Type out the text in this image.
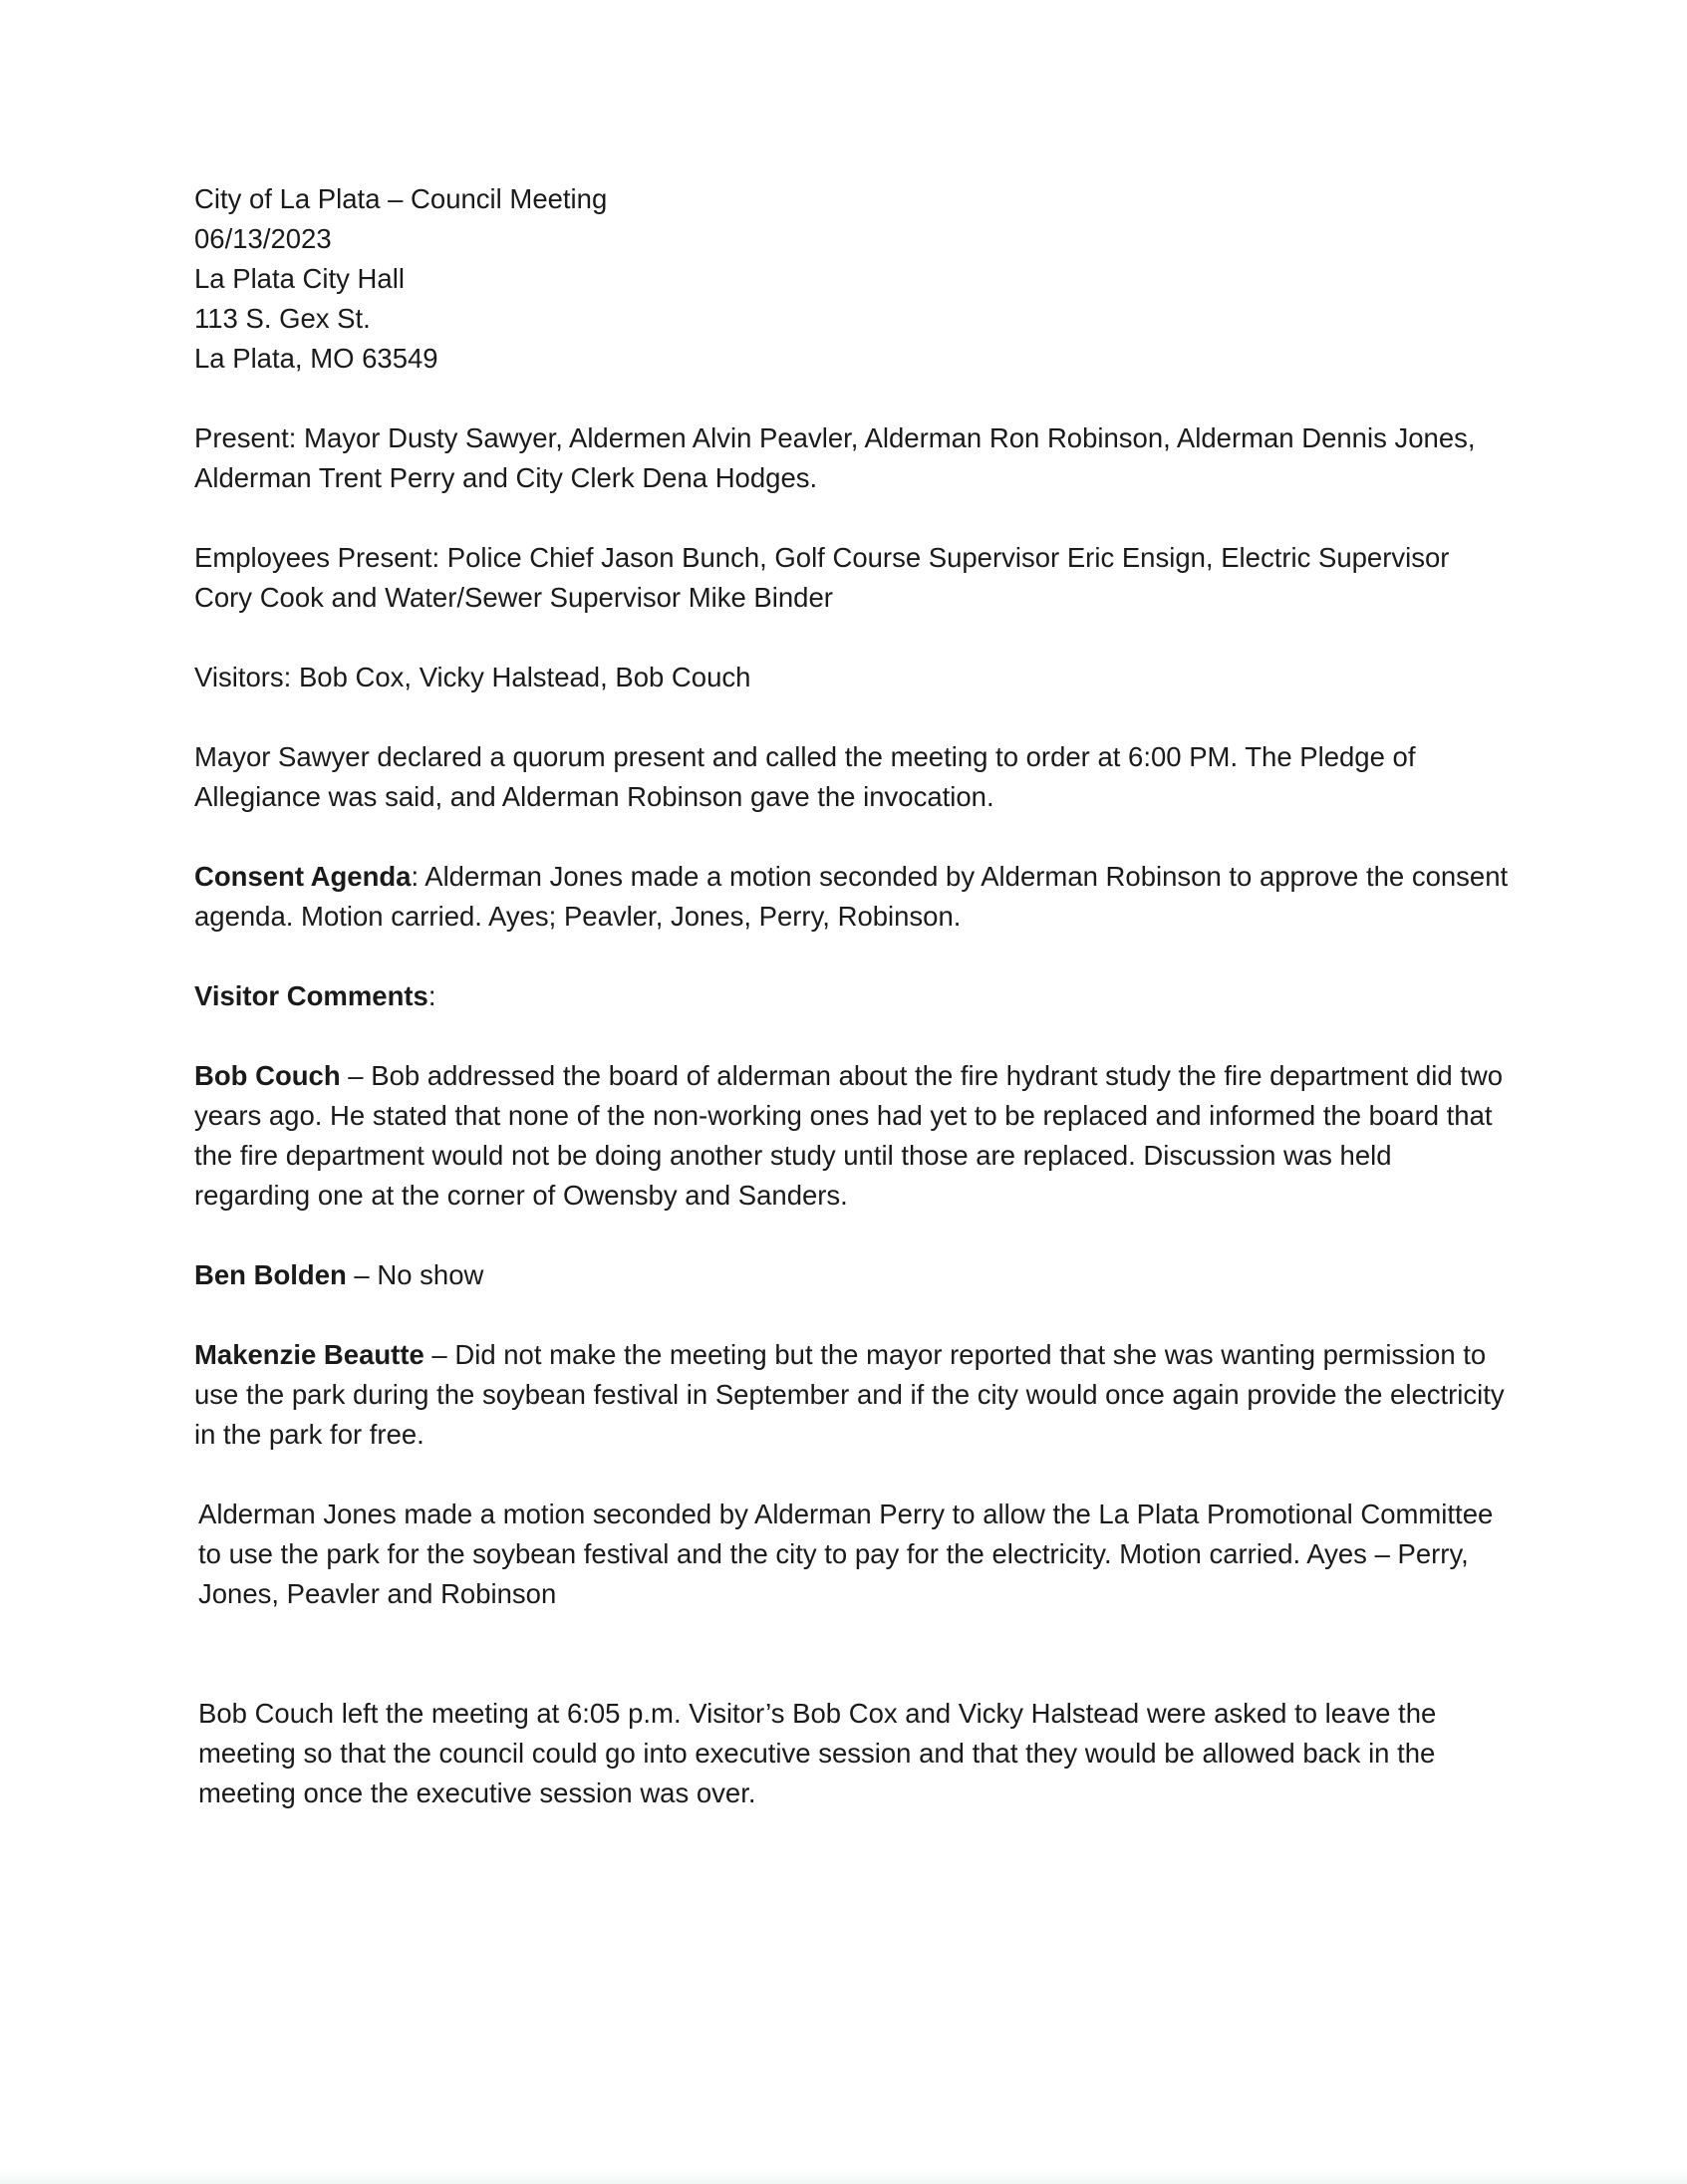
City of La Plata – Council Meeting
06/13/2023
La Plata City Hall
113 S. Gex St.
La Plata, MO 63549

Present: Mayor Dusty Sawyer, Aldermen Alvin Peavler, Alderman Ron Robinson, Alderman Dennis Jones, Alderman Trent Perry and City Clerk Dena Hodges.

Employees Present: Police Chief Jason Bunch, Golf Course Supervisor Eric Ensign, Electric Supervisor Cory Cook and Water/Sewer Supervisor Mike Binder

Visitors: Bob Cox, Vicky Halstead, Bob Couch

Mayor Sawyer declared a quorum present and called the meeting to order at 6:00 PM. The Pledge of Allegiance was said, and Alderman Robinson gave the invocation.

Consent Agenda: Alderman Jones made a motion seconded by Alderman Robinson to approve the consent agenda. Motion carried. Ayes; Peavler, Jones, Perry, Robinson.

Visitor Comments:

Bob Couch – Bob addressed the board of alderman about the fire hydrant study the fire department did two years ago. He stated that none of the non-working ones had yet to be replaced and informed the board that the fire department would not be doing another study until those are replaced. Discussion was held regarding one at the corner of Owensby and Sanders.

Ben Bolden – No show

Makenzie Beautte – Did not make the meeting but the mayor reported that she was wanting permission to use the park during the soybean festival in September and if the city would once again provide the electricity in the park for free.

Alderman Jones made a motion seconded by Alderman Perry to allow the La Plata Promotional Committee to use the park for the soybean festival and the city to pay for the electricity. Motion carried. Ayes – Perry, Jones, Peavler and Robinson

Bob Couch left the meeting at 6:05 p.m. Visitor’s Bob Cox and Vicky Halstead were asked to leave the meeting so that the council could go into executive session and that they would be allowed back in the meeting once the executive session was over.
